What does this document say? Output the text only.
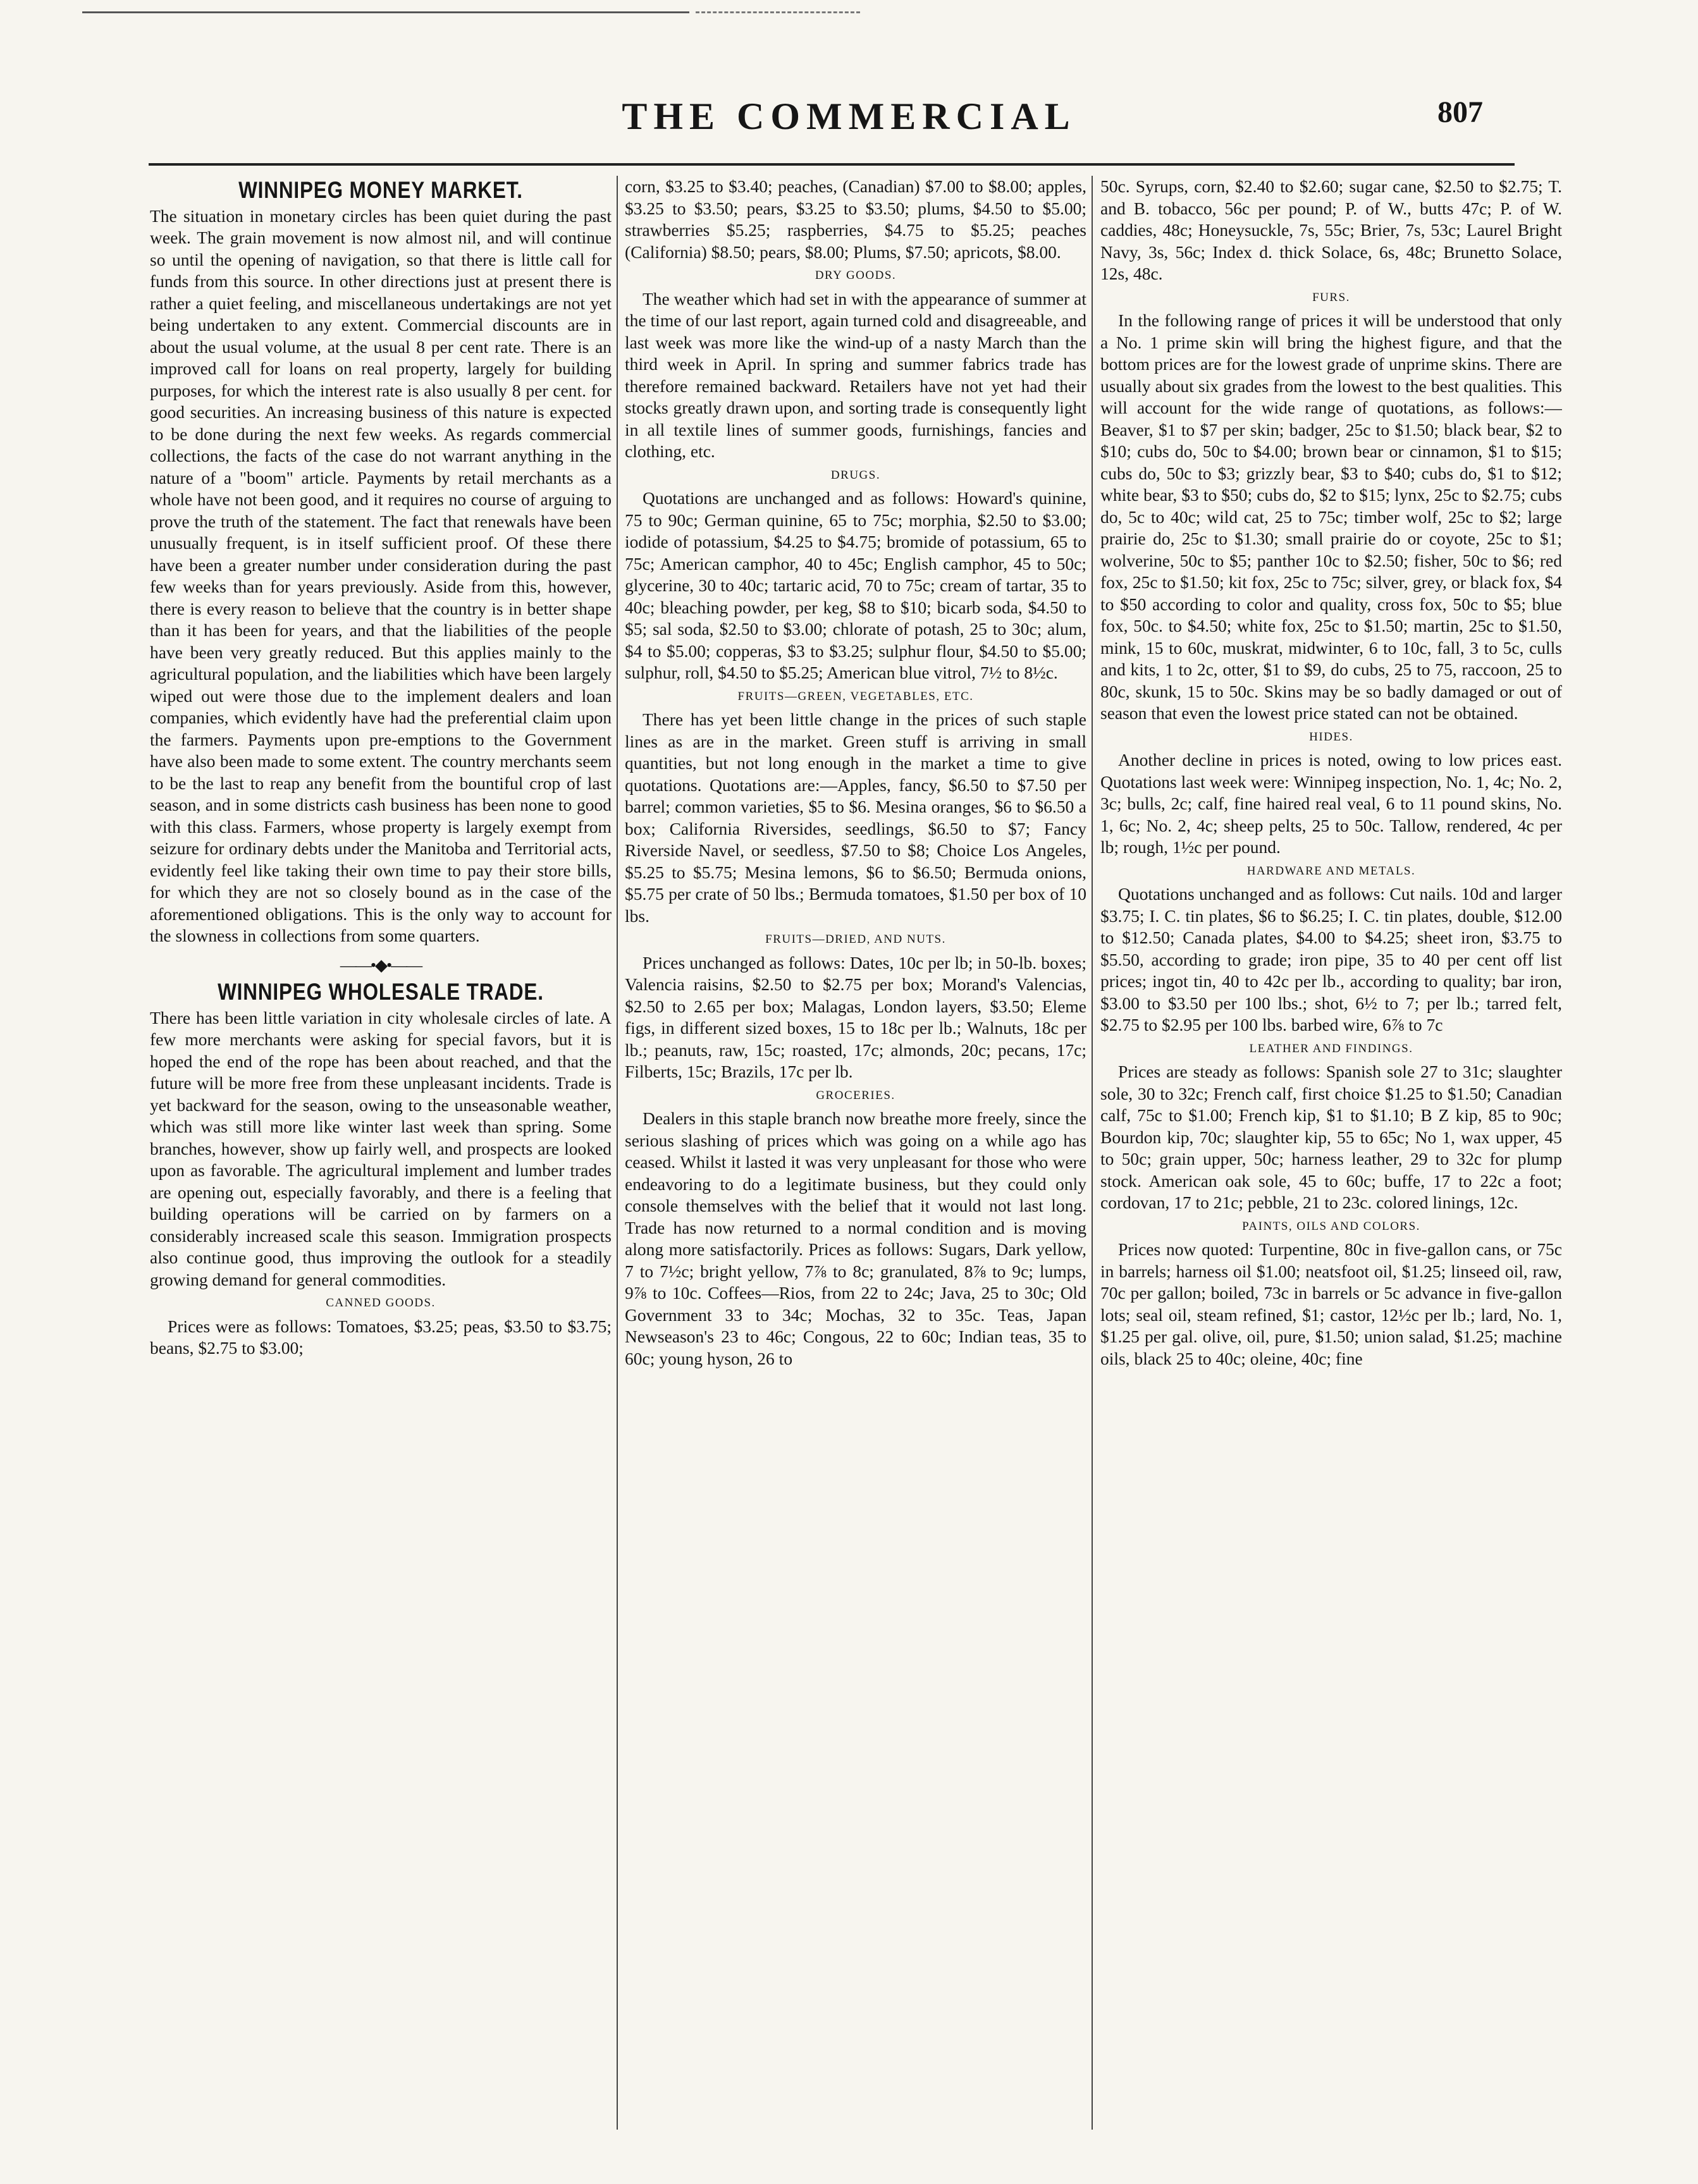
THE COMMERCIAL	807
WINNIPEG MONEY MARKET.

The situation in monetary circles has been quiet during the past week. The grain movement is now almost nil, and will continue so until the opening of navigation, so that there is little call for funds from this source. In other directions just at present there is rather a quiet feeling, and miscellaneous undertakings are not yet being undertaken to any extent. Commercial discounts are in about the usual volume, at the usual 8 per cent rate. There is an improved call for loans on real property, largely for building purposes, for which the interest rate is also usually 8 per cent. for good securities. An increasing business of this nature is expected to be done during the next few weeks. As regards commercial collections, the facts of the case do not warrant anything in the nature of a "boom" article. Payments by retail merchants as a whole have not been good, and it requires no course of arguing to prove the truth of the statement. The fact that renewals have been unusually frequent, is in itself sufficient proof. Of these there have been a greater number under consideration during the past few weeks than for years previously. Aside from this, however, there is every reason to believe that the country is in better shape than it has been for years, and that the liabilities of the people have been very greatly reduced. But this applies mainly to the agricultural population, and the liabilities which have been largely wiped out were those due to the implement dealers and loan companies, which evidently have had the preferential claim upon the farmers. Payments upon pre-emptions to the Government have also been made to some extent. The country merchants seem to be the last to reap any benefit from the bountiful crop of last season, and in some districts cash business has been none to good with this class. Farmers, whose property is largely exempt from seizure for ordinary debts under the Manitoba and Territorial acts, evidently feel like taking their own time to pay their store bills, for which they are not so closely bound as in the case of the aforementioned obligations. This is the only way to account for the slowness in collections from some quarters.

——•◆•——
WINNIPEG WHOLESALE TRADE.

There has been little variation in city wholesale circles of late. A few more merchants were asking for special favors, but it is hoped the end of the rope has been about reached, and that the future will be more free from these unpleasant incidents. Trade is yet backward for the season, owing to the unseasonable weather, which was still more like winter last week than spring. Some branches, however, show up fairly well, and prospects are looked upon as favorable. The agricultural implement and lumber trades are opening out, especially favorably, and there is a feeling that building operations will be carried on by farmers on a considerably increased scale this season. Immigration prospects also continue good, thus improving the outlook for a steadily growing demand for general commodities.

CANNED GOODS.

Prices were as follows: Tomatoes, $3.25; peas, $3.50 to $3.75; beans, $2.75 to $3.00;

corn, $3.25 to $3.40; peaches, (Canadian) $7.00 to $8.00; apples, $3.25 to $3.50; pears, $3.25 to $3.50; plums, $4.50 to $5.00; strawberries $5.25; raspberries, $4.75 to $5.25; peaches (California) $8.50; pears, $8.00; Plums, $7.50; apricots, $8.00.

DRY GOODS.

The weather which had set in with the appearance of summer at the time of our last report, again turned cold and disagreeable, and last week was more like the wind-up of a nasty March than the third week in April. In spring and summer fabrics trade has therefore remained backward. Retailers have not yet had their stocks greatly drawn upon, and sorting trade is consequently light in all textile lines of summer goods, furnishings, fancies and clothing, etc.

DRUGS.

Quotations are unchanged and as follows: Howard's quinine, 75 to 90c; German quinine, 65 to 75c; morphia, $2.50 to $3.00; iodide of potassium, $4.25 to $4.75; bromide of potassium, 65 to 75c; American camphor, 40 to 45c; English camphor, 45 to 50c; glycerine, 30 to 40c; tartaric acid, 70 to 75c; cream of tartar, 35 to 40c; bleaching powder, per keg, $8 to $10; bicarb soda, $4.50 to $5; sal soda, $2.50 to $3.00; chlorate of potash, 25 to 30c; alum, $4 to $5.00; copperas, $3 to $3.25; sulphur flour, $4.50 to $5.00; sulphur, roll, $4.50 to $5.25; American blue vitrol, 7½ to 8½c.

FRUITS—GREEN, VEGETABLES, ETC.

There has yet been little change in the prices of such staple lines as are in the market. Green stuff is arriving in small quantities, but not long enough in the market a time to give quotations. Quotations are:—Apples, fancy, $6.50 to $7.50 per barrel; common varieties, $5 to $6. Mesina oranges, $6 to $6.50 a box; California Riversides, seedlings, $6.50 to $7; Fancy Riverside Navel, or seedless, $7.50 to $8; Choice Los Angeles, $5.25 to $5.75; Mesina lemons, $6 to $6.50; Bermuda onions, $5.75 per crate of 50 lbs.; Bermuda tomatoes, $1.50 per box of 10 lbs.

FRUITS—DRIED, AND NUTS.

Prices unchanged as follows: Dates, 10c per lb; in 50-lb. boxes; Valencia raisins, $2.50 to $2.75 per box; Morand's Valencias, $2.50 to 2.65 per box; Malagas, London layers, $3.50; Eleme figs, in different sized boxes, 15 to 18c per lb.; Walnuts, 18c per lb.; peanuts, raw, 15c; roasted, 17c; almonds, 20c; pecans, 17c; Filberts, 15c; Brazils, 17c per lb.

GROCERIES.

Dealers in this staple branch now breathe more freely, since the serious slashing of prices which was going on a while ago has ceased. Whilst it lasted it was very unpleasant for those who were endeavoring to do a legitimate business, but they could only console themselves with the belief that it would not last long. Trade has now returned to a normal condition and is moving along more satisfactorily. Prices as follows: Sugars, Dark yellow, 7 to 7½c; bright yellow, 7⅞ to 8c; granulated, 8⅞ to 9c; lumps, 9⅞ to 10c. Coffees—Rios, from 22 to 24c; Java, 25 to 30c; Old Government 33 to 34c; Mochas, 32 to 35c. Teas, Japan Newseason's 23 to 46c; Congous, 22 to 60c; Indian teas, 35 to 60c; young hyson, 26 to

50c. Syrups, corn, $2.40 to $2.60; sugar cane, $2.50 to $2.75; T. and B. tobacco, 56c per pound; P. of W., butts 47c; P. of W. caddies, 48c; Honeysuckle, 7s, 55c; Brier, 7s, 53c; Laurel Bright Navy, 3s, 56c; Index d. thick Solace, 6s, 48c; Brunetto Solace, 12s, 48c.

FURS.

In the following range of prices it will be understood that only a No. 1 prime skin will bring the highest figure, and that the bottom prices are for the lowest grade of unprime skins. There are usually about six grades from the lowest to the best qualities. This will account for the wide range of quotations, as follows:—Beaver, $1 to $7 per skin; badger, 25c to $1.50; black bear, $2 to $10; cubs do, 50c to $4.00; brown bear or cinnamon, $1 to $15; cubs do, 50c to $3; grizzly bear, $3 to $40; cubs do, $1 to $12; white bear, $3 to $50; cubs do, $2 to $15; lynx, 25c to $2.75; cubs do, 5c to 40c; wild cat, 25 to 75c; timber wolf, 25c to $2; large prairie do, 25c to $1.30; small prairie do or coyote, 25c to $1; wolverine, 50c to $5; panther 10c to $2.50; fisher, 50c to $6; red fox, 25c to $1.50; kit fox, 25c to 75c; silver, grey, or black fox, $4 to $50 according to color and quality, cross fox, 50c to $5; blue fox, 50c. to $4.50; white fox, 25c to $1.50; martin, 25c to $1.50, mink, 15 to 60c, muskrat, midwinter, 6 to 10c, fall, 3 to 5c, culls and kits, 1 to 2c, otter, $1 to $9, do cubs, 25 to 75, raccoon, 25 to 80c, skunk, 15 to 50c. Skins may be so badly damaged or out of season that even the lowest price stated can not be obtained.

HIDES.

Another decline in prices is noted, owing to low prices east. Quotations last week were: Winnipeg inspection, No. 1, 4c; No. 2, 3c; bulls, 2c; calf, fine haired real veal, 6 to 11 pound skins, No. 1, 6c; No. 2, 4c; sheep pelts, 25 to 50c. Tallow, rendered, 4c per lb; rough, 1½c per pound.

HARDWARE AND METALS.

Quotations unchanged and as follows: Cut nails. 10d and larger $3.75; I. C. tin plates, $6 to $6.25; I. C. tin plates, double, $12.00 to $12.50; Canada plates, $4.00 to $4.25; sheet iron, $3.75 to $5.50, according to grade; iron pipe, 35 to 40 per cent off list prices; ingot tin, 40 to 42c per lb., according to quality; bar iron, $3.00 to $3.50 per 100 lbs.; shot, 6½ to 7; per lb.; tarred felt, $2.75 to $2.95 per 100 lbs. barbed wire, 6⅞ to 7c

LEATHER AND FINDINGS.

Prices are steady as follows: Spanish sole 27 to 31c; slaughter sole, 30 to 32c; French calf, first choice $1.25 to $1.50; Canadian calf, 75c to $1.00; French kip, $1 to $1.10; B Z kip, 85 to 90c; Bourdon kip, 70c; slaughter kip, 55 to 65c; No 1, wax upper, 45 to 50c; grain upper, 50c; harness leather, 29 to 32c for plump stock. American oak sole, 45 to 60c; buffe, 17 to 22c a foot; cordovan, 17 to 21c; pebble, 21 to 23c. colored linings, 12c.

PAINTS, OILS AND COLORS.

Prices now quoted: Turpentine, 80c in five-gallon cans, or 75c in barrels; harness oil $1.00; neatsfoot oil, $1.25; linseed oil, raw, 70c per gallon; boiled, 73c in barrels or 5c advance in five-gallon lots; seal oil, steam refined, $1; castor, 12½c per lb.; lard, No. 1, $1.25 per gal. olive, oil, pure, $1.50; union salad, $1.25; machine oils, black 25 to 40c; oleine, 40c; fine
